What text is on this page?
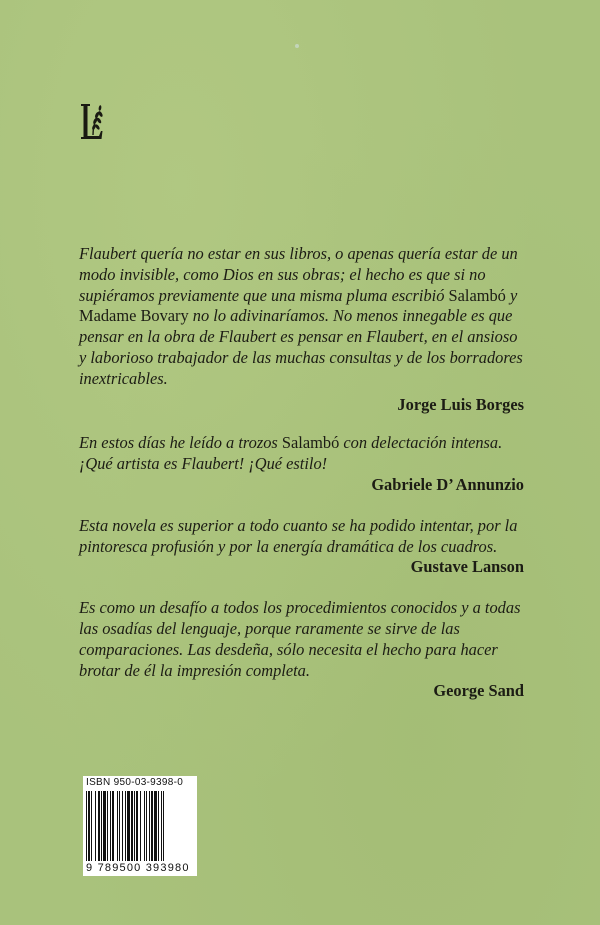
Flaubert quería no estar en sus libros, o apenas quería estar de un modo invisible, como Dios en sus obras; el hecho es que si no supiéramos previamente que una misma pluma escribió Salambó y Madame Bovary no lo adivinaríamos. No menos innegable es que pensar en la obra de Flaubert es pensar en Flaubert, en el ansioso y laborioso trabajador de las muchas consultas y de los borradores inextricables.

Jorge Luis Borges

En estos días he leído a trozos Salambó con delectación intensa. ¡Qué artista es Flaubert! ¡Qué estilo!

Gabriele D’ Annunzio

Esta novela es superior a todo cuanto se ha podido intentar, por la pintoresca profusión y por la energía dramática de los cuadros.

Gustave Lanson

Es como un desafío a todos los procedimientos conocidos y a todas las osadías del lenguaje, porque raramente se sirve de las comparaciones. Las desdeña, sólo necesita el hecho para hacer brotar de él la impresión completa.

George Sand

ISBN 950-03-9398-0
9 789500 393980
